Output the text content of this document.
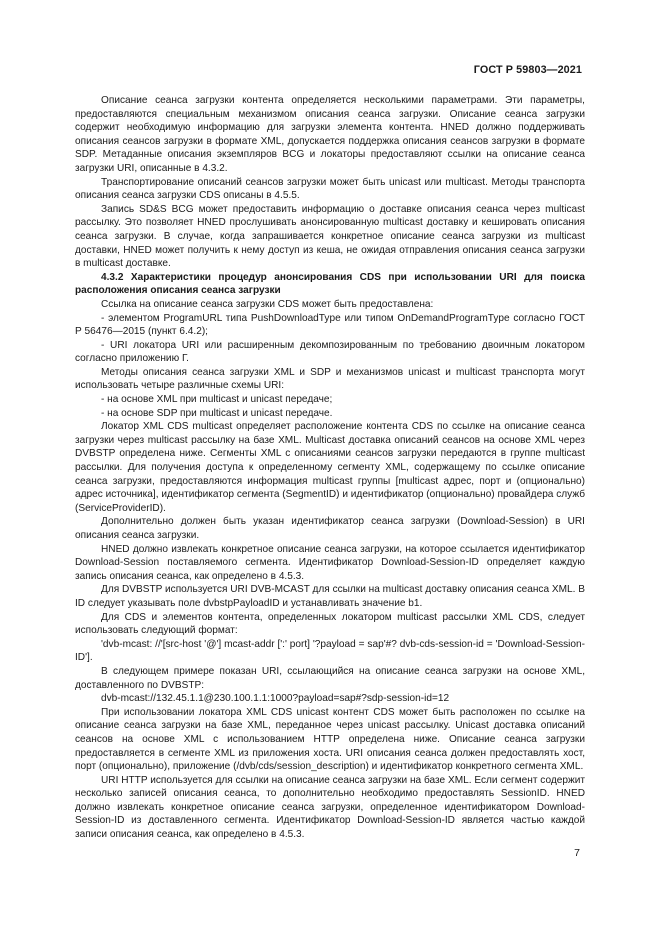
ГОСТ Р 59803—2021

Описание сеанса загрузки контента определяется несколькими параметрами. Эти параметры, предоставляются специальным механизмом описания сеанса загрузки. Описание сеанса загрузки содержит необходимую информацию для загрузки элемента контента. HNED должно поддерживать описания сеансов загрузки в формате XML, допускается поддержка описания сеансов загрузки в формате SDP. Метаданные описания экземпляров BCG и локаторы предоставляют ссылки на описание сеанса загрузки URI, описанные в 4.3.2.

Транспортирование описаний сеансов загрузки может быть unicast или multicast. Методы транспорта описания сеанса загрузки CDS описаны в 4.5.5.

Запись SD&S BCG может предоставить информацию о доставке описания сеанса через multicast рассылку. Это позволяет HNED прослушивать анонсированную multicast доставку и кешировать описания сеанса загрузки. В случае, когда запрашивается конкретное описание сеанса загрузки из multicast доставки, HNED может получить к нему доступ из кеша, не ожидая отправления описания сеанса загрузки в multicast доставке.

4.3.2 Характеристики процедур анонсирования CDS при использовании URI для поиска расположения описания сеанса загрузки

Ссылка на описание сеанса загрузки CDS может быть предоставлена:

- элементом ProgramURL типа PushDownloadType или типом OnDemandProgramType согласно ГОСТ Р 56476—2015 (пункт 6.4.2);

- URI локатора URI или расширенным декомпозированным по требованию двоичным локатором согласно приложению Г.

Методы описания сеанса загрузки XML и SDP и механизмов unicast и multicast транспорта могут использовать четыре различные схемы URI:

- на основе XML при multicast и unicast передаче;

- на основе SDP при multicast и unicast передаче.

Локатор XML CDS multicast определяет расположение контента CDS по ссылке на описание сеанса загрузки через multicast рассылку на базе XML. Multicast доставка описаний сеансов на основе XML через DVBSTP определена ниже. Сегменты XML с описаниями сеансов загрузки передаются в группе multicast рассылки. Для получения доступа к определенному сегменту XML, содержащему по ссылке описание сеанса загрузки, предоставляются информация multicast группы [multicast адрес, порт и (опционально) адрес источника], идентификатор сегмента (SegmentID) и идентификатор (опционально) провайдера служб (ServiceProviderID).

Дополнительно должен быть указан идентификатор сеанса загрузки (Download-Session) в URI описания сеанса загрузки.

HNED должно извлекать конкретное описание сеанса загрузки, на которое ссылается идентификатор Download-Session поставляемого сегмента. Идентификатор Download-Session-ID определяет каждую запись описания сеанса, как определено в 4.5.3.

Для DVBSTP используется URI DVB-MCAST для ссылки на multicast доставку описания сеанса XML. В ID следует указывать поле dvbstpPayloadID и устанавливать значение b1.

Для CDS и элементов контента, определенных локатором multicast рассылки XML CDS, следует использовать следующий формат:

'dvb-mcast: //'[src-host '@'] mcast-addr [':' port] '?payload = sap'#? dvb-cds-session-id = 'Download-Session-ID'].

В следующем примере показан URI, ссылающийся на описание сеанса загрузки на основе XML, доставленного по DVBSTP:

dvb-mcast://132.45.1.1@230.100.1.1:1000?payload=sap#?sdp-session-id=12

При использовании локатора XML CDS unicast контент CDS может быть расположен по ссылке на описание сеанса загрузки на базе XML, переданное через unicast рассылку. Unicast доставка описаний сеансов на основе XML с использованием HTTP определена ниже. Описание сеанса загрузки предоставляется в сегменте XML из приложения хоста. URI описания сеанса должен предоставлять хост, порт (опционально), приложение (/dvb/cds/session_description) и идентификатор конкретного сегмента XML.

URI HTTP используется для ссылки на описание сеанса загрузки на базе XML. Если сегмент содержит несколько записей описания сеанса, то дополнительно необходимо предоставлять SessionID. HNED должно извлекать конкретное описание сеанса загрузки, определенное идентификатором Download-Session-ID из доставленного сегмента. Идентификатор Download-Session-ID является частью каждой записи описания сеанса, как определено в 4.5.3.

7
